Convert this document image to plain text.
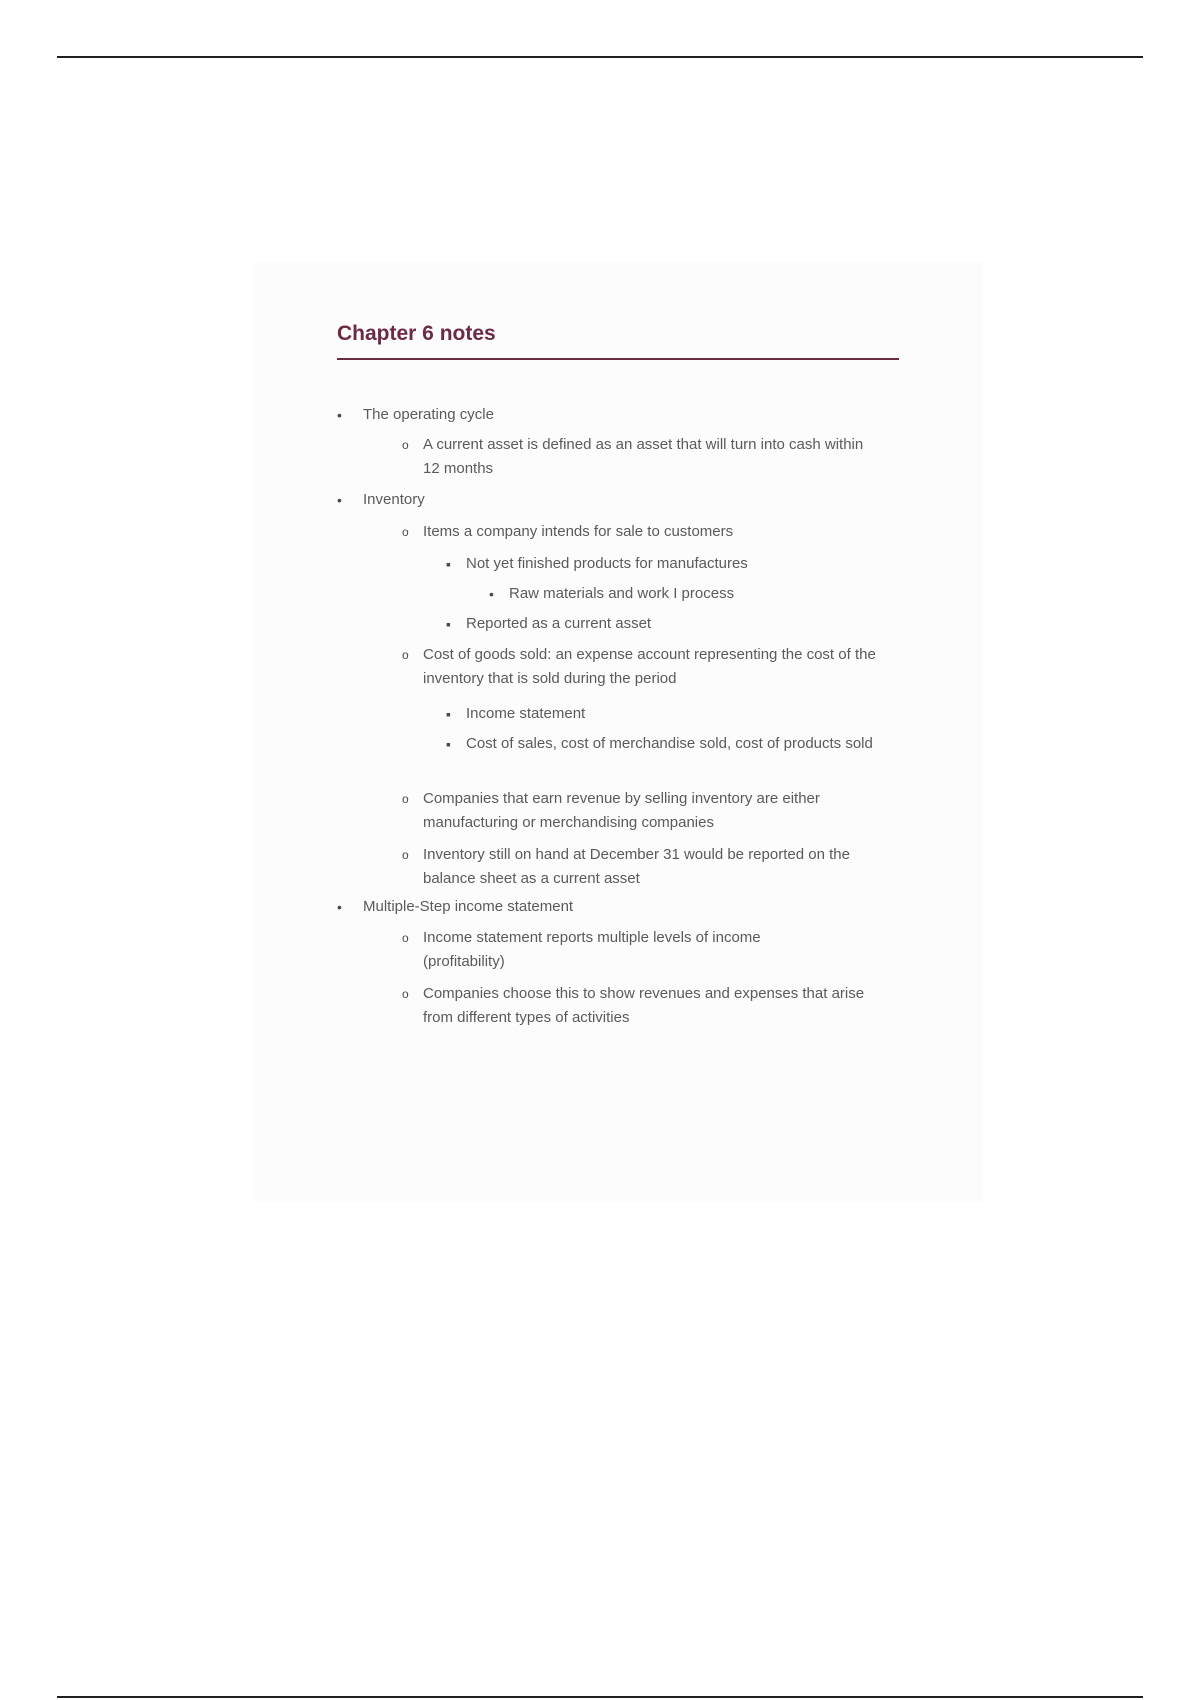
Chapter 6 notes
• The operating cycle
o A current asset is defined as an asset that will turn into cash within 12 months
• Inventory
o Items a company intends for sale to customers
▪ Not yet finished products for manufactures
• Raw materials and work I process
▪ Reported as a current asset
o Cost of goods sold: an expense account representing the cost of the inventory that is sold during the period
▪ Income statement
▪ Cost of sales, cost of merchandise sold, cost of products sold
o Companies that earn revenue by selling inventory are either manufacturing or merchandising companies
o Inventory still on hand at December 31 would be reported on the balance sheet as a current asset
• Multiple-Step income statement
o Income statement reports multiple levels of income (profitability)
o Companies choose this to show revenues and expenses that arise from different types of activities
